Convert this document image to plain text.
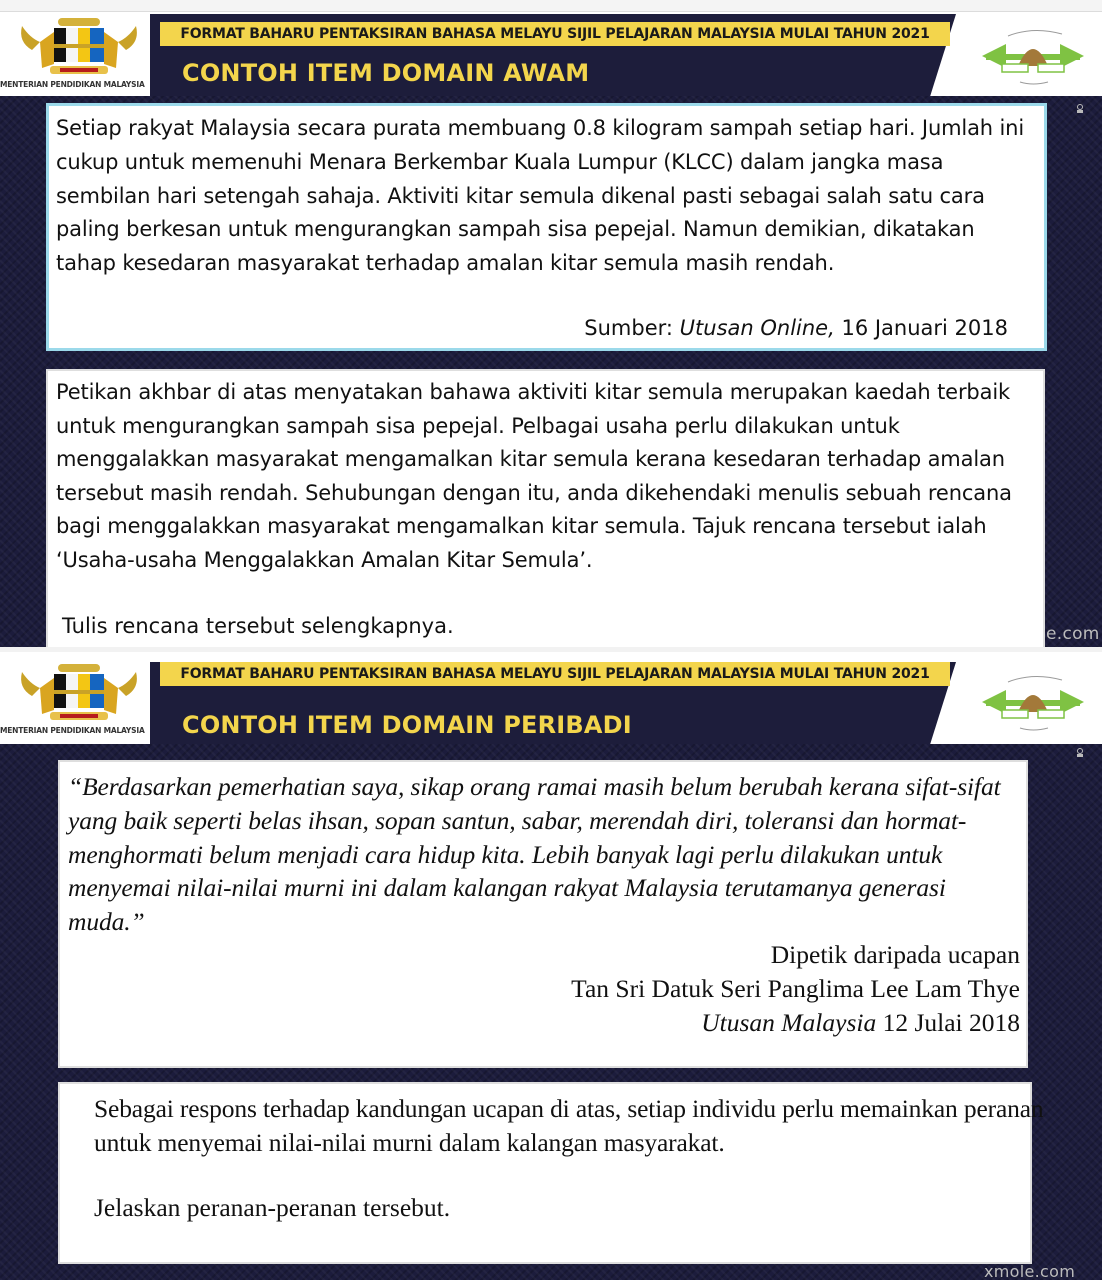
MENTERIAN PENDIDIKAN MALAYSIA
FORMAT BAHARU PENTAKSIRAN BAHASA MELAYU SIJIL PELAJARAN MALAYSIA MULAI TAHUN 2021
CONTOH ITEM DOMAIN AWAM

Setiap rakyat Malaysia secara purata membuang 0.8 kilogram sampah setiap hari. Jumlah ini cukup untuk memenuhi Menara Berkembar Kuala Lumpur (KLCC) dalam jangka masa sembilan hari setengah sahaja. Aktiviti kitar semula dikenal pasti sebagai salah satu cara paling berkesan untuk mengurangkan sampah sisa pepejal. Namun demikian, dikatakan tahap kesedaran masyarakat terhadap amalan kitar semula masih rendah.

Sumber: Utusan Online, 16 Januari 2018

Petikan akhbar di atas menyatakan bahawa aktiviti kitar semula merupakan kaedah terbaik untuk mengurangkan sampah sisa pepejal. Pelbagai usaha perlu dilakukan untuk menggalakkan masyarakat mengamalkan kitar semula kerana kesedaran terhadap amalan tersebut masih rendah. Sehubungan dengan itu, anda dikehendaki menulis sebuah rencana bagi menggalakkan masyarakat mengamalkan kitar semula. Tajuk rencana tersebut ialah ‘Usaha-usaha Menggalakkan Amalan Kitar Semula’.

Tulis rencana tersebut selengkapnya.	e.com
MENTERIAN PENDIDIKAN MALAYSIA
FORMAT BAHARU PENTAKSIRAN BAHASA MELAYU SIJIL PELAJARAN MALAYSIA MULAI TAHUN 2021
CONTOH ITEM DOMAIN PERIBADI

“Berdasarkan pemerhatian saya, sikap orang ramai masih belum berubah kerana sifat-sifat yang baik seperti belas ihsan, sopan santun, sabar, merendah diri, toleransi dan hormat-menghormati belum menjadi cara hidup kita. Lebih banyak lagi perlu dilakukan untuk menyemai nilai-nilai murni ini dalam kalangan rakyat Malaysia terutamanya generasi muda.”

Dipetik daripada ucapan
Tan Sri Datuk Seri Panglima Lee Lam Thye
Utusan Malaysia 12 Julai 2018

Sebagai respons terhadap kandungan ucapan di atas, setiap individu perlu memainkan peranan untuk menyemai nilai-nilai murni dalam kalangan masyarakat.

Jelaskan peranan-peranan tersebut.

xmole.com
